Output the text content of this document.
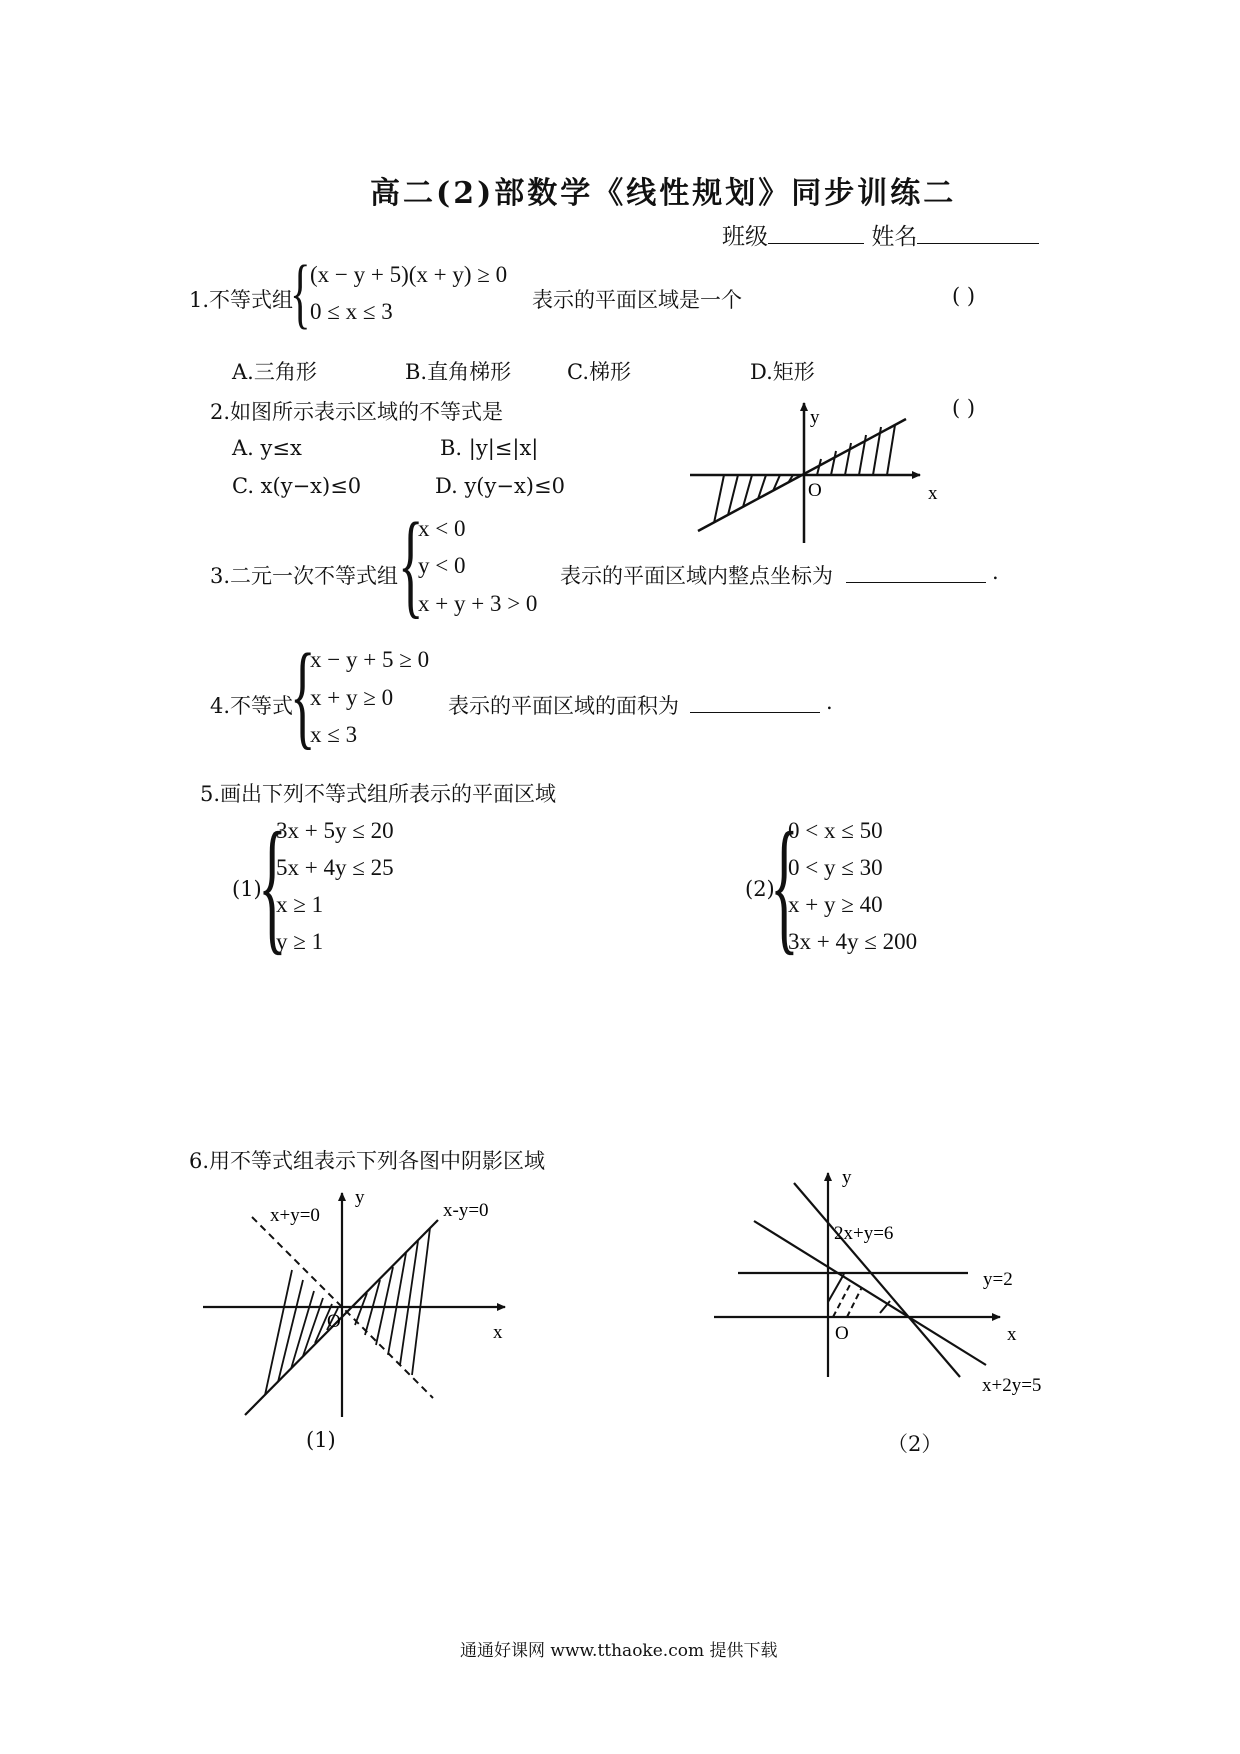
高二(2)部数学《线性规划》同步训练二
班级	姓名
1.不等式组
{ (x − y + 5)(x + y) ≥ 0
0 ≤ x ≤ 3	表示的平面区域是一个	( )
A.三角形	B.直角梯形	C.梯形	D.矩形
2.如图所示表示区域的不等式是	( )
A. y≤x	B. |y|≤|x|
C. x(y−x)≤0	D. y(y−x)≤0
y
x
O
3.二元一次不等式组 {
x < 0
y < 0
x + y + 3 > 0
表示的平面区域内整点坐标为	.
4.不等式
{
x − y + 5 ≥ 0
x + y ≥ 0
x ≤ 3
表示的平面区域的面积为	.
5.画出下列不等式组所表示的平面区域
(1)
{
3x + 5y ≤ 20
5x + 4y ≤ 25
x ≥ 1
y ≥ 1
(2)
{
0 < x ≤ 50
0 < y ≤ 30
x + y ≥ 40
3x + 4y ≤ 200
6.用不等式组表示下列各图中阴影区域
x+y=0	x-y=0
y
x
O
(1)
y
2x+y=6
y=2
x
O
x+2y=5
（2）
通通好课网 www.tthaoke.com 提供下载
